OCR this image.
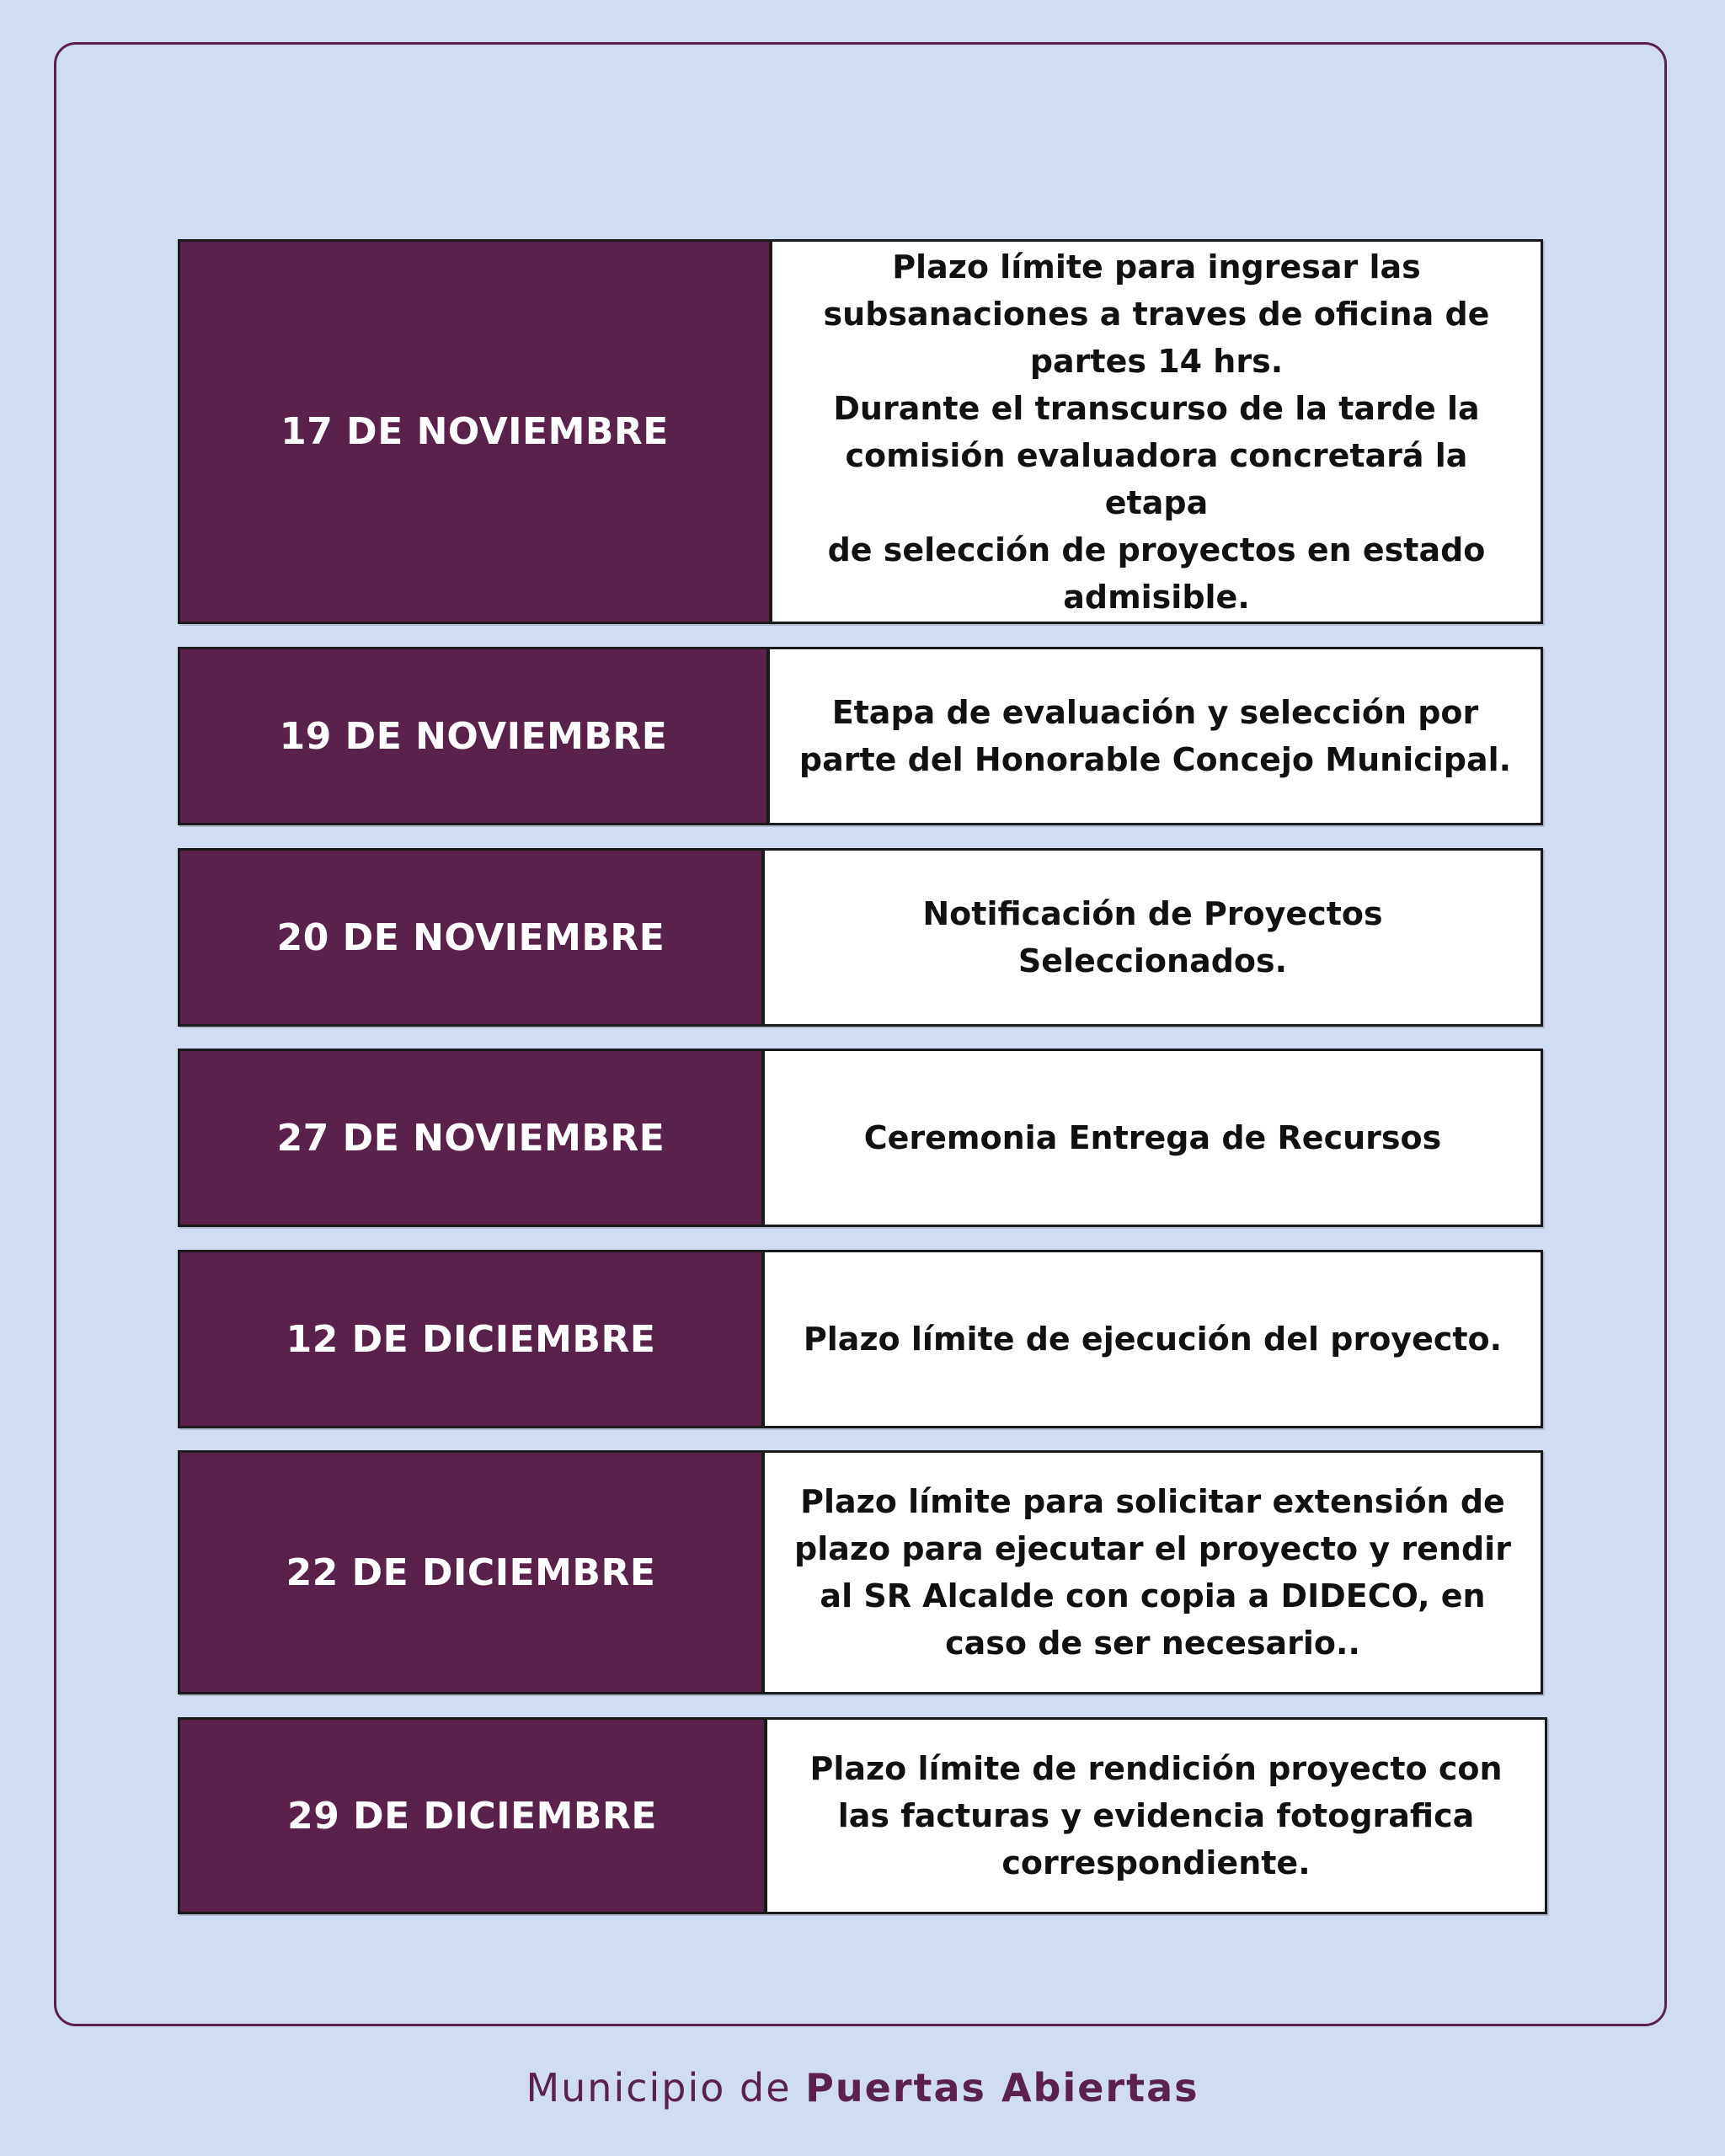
17 DE NOVIEMBRE
Plazo límite para ingresar las
subsanaciones a traves de oficina de
partes 14 hrs.
Durante el transcurso de la tarde la
comisión evaluadora concretará la etapa
de selección de proyectos en estado
admisible.
19 DE NOVIEMBRE
Etapa de evaluación y selección por
parte del Honorable Concejo Municipal.
20 DE NOVIEMBRE
Notificación de Proyectos Seleccionados.
27 DE NOVIEMBRE	Ceremonia Entrega de Recursos
12 DE DICIEMBRE	Plazo límite de ejecución del proyecto.
22 DE DICIEMBRE
Plazo límite para solicitar extensión de
plazo para ejecutar el proyecto y rendir
al SR Alcalde con copia a DIDECO, en
caso de ser necesario..
29 DE DICIEMBRE
Plazo límite de rendición proyecto con
las facturas y evidencia fotografica
correspondiente.
Municipio de Puertas Abiertas
